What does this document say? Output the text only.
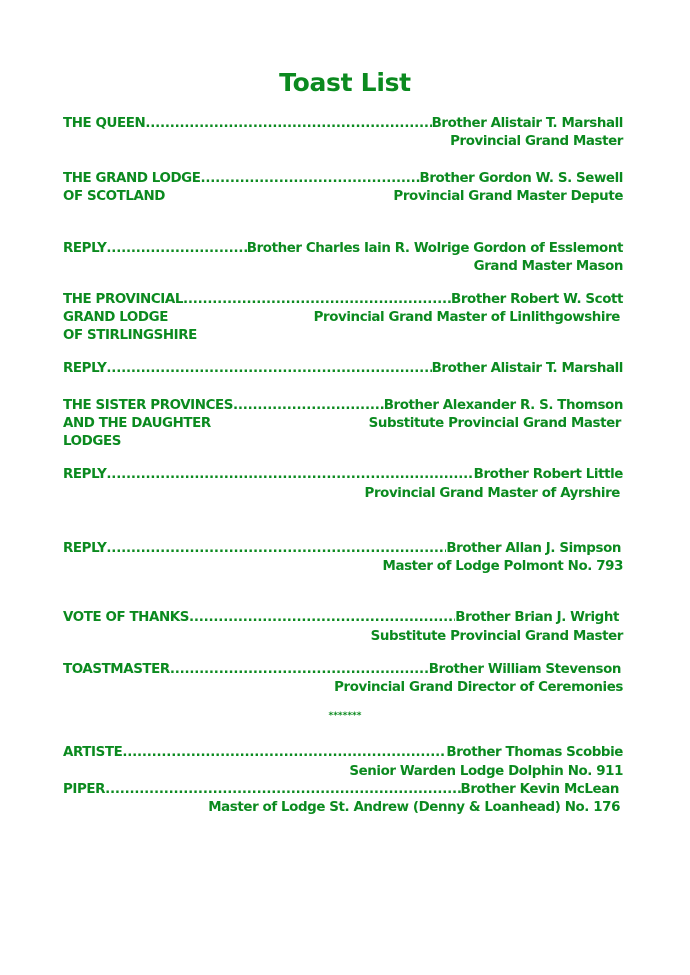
Toast List
THE QUEEN .....	Brother Alistair T. Marshall
Provincial Grand Master
THE GRAND LODGE .....	Brother Gordon W. S. Sewell
OF SCOTLAND	Provincial Grand Master Depute
REPLY .....	Brother Charles Iain R. Wolrige Gordon of Esslemont
Grand Master Mason
THE PROVINCIAL .....	Brother Robert W. Scott
GRAND LODGE	Provincial Grand Master of Linlithgowshire
OF STIRLINGSHIRE
REPLY .....	Brother Alistair T. Marshall
THE SISTER PROVINCES .....	Brother Alexander R. S. Thomson
AND THE DAUGHTER	Substitute Provincial Grand Master
LODGES
REPLY .....	Brother Robert Little
Provincial Grand Master of Ayrshire
REPLY .....	Brother Allan J. Simpson
Master of Lodge Polmont No. 793
VOTE OF THANKS .....	Brother Brian J. Wright
Substitute Provincial Grand Master
TOASTMASTER .....	Brother William Stevenson
Provincial Grand Director of Ceremonies
*******
ARTISTE .....	Brother Thomas Scobbie
Senior Warden Lodge Dolphin No. 911
PIPER .....	Brother Kevin McLean
Master of Lodge St. Andrew (Denny & Loanhead) No. 176
